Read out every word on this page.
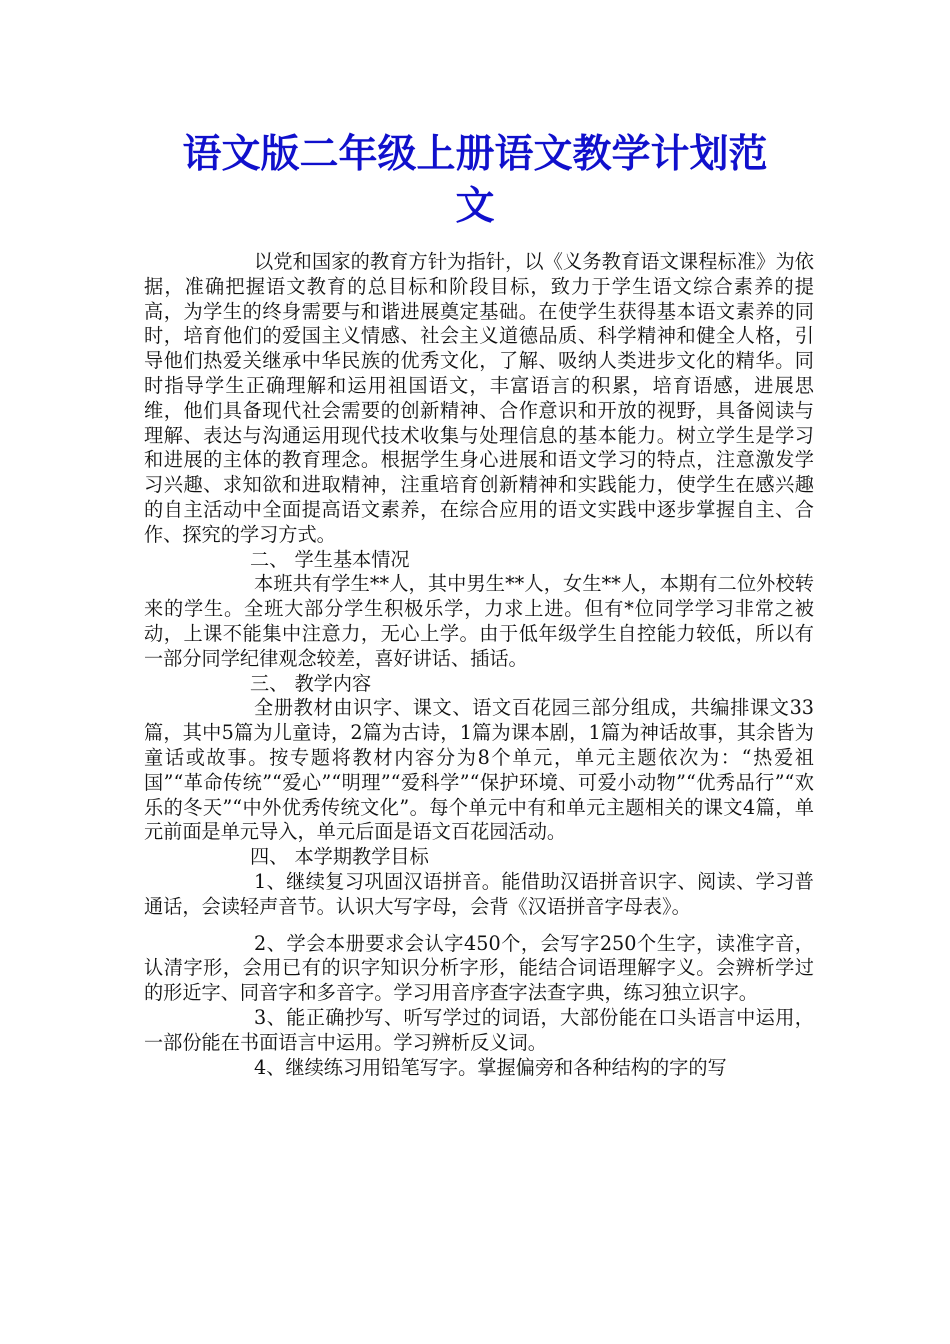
语文版二年级上册语文教学计划范
文

以党和国家的教育方针为指针，以《义务教育语文课程标准》为依据，准确把握语文教育的总目标和阶段目标，致力于学生语文综合素养的提高，为学生的终身需要与和谐进展奠定基础。在使学生获得基本语文素养的同时，培育他们的爱国主义情感、社会主义道德品质、科学精神和健全人格，引导他们热爱关继承中华民族的优秀文化，了解、吸纳人类进步文化的精华。同时指导学生正确理解和运用祖国语文，丰富语言的积累，培育语感，进展思维，他们具备现代社会需要的创新精神、合作意识和开放的视野，具备阅读与理解、表达与沟通运用现代技术收集与处理信息的基本能力。树立学生是学习和进展的主体的教育理念。根据学生身心进展和语文学习的特点，注意激发学习兴趣、求知欲和进取精神，注重培育创新精神和实践能力，使学生在感兴趣的自主活动中全面提高语文素养，在综合应用的语文实践中逐步掌握自主、合作、探究的学习方式。

二、 学生基本情况

本班共有学生**人，其中男生**人，女生**人，本期有二位外校转来的学生。全班大部分学生积极乐学，力求上进。但有*位同学学习非常之被动，上课不能集中注意力，无心上学。由于低年级学生自控能力较低，所以有一部分同学纪律观念较差，喜好讲话、插话。

三、 教学内容

全册教材由识字、课文、语文百花园三部分组成，共编排课文33篇，其中5篇为儿童诗，2篇为古诗，1篇为课本剧，1篇为神话故事，其余皆为童话或故事。按专题将教材内容分为8个单元，单元主题依次为：“热爱祖国”“革命传统”“爱心”“明理”“爱科学”“保护环境、可爱小动物”“优秀品行”“欢乐的冬天”“中外优秀传统文化”。每个单元中有和单元主题相关的课文4篇，单元前面是单元导入，单元后面是语文百花园活动。

四、 本学期教学目标

1、继续复习巩固汉语拼音。能借助汉语拼音识字、阅读、学习普通话，会读轻声音节。认识大写字母，会背《汉语拼音字母表》。

2、学会本册要求会认字450个，会写字250个生字，读准字音，认清字形，会用已有的识字知识分析字形，能结合词语理解字义。会辨析学过的形近字、同音字和多音字。学习用音序查字法查字典，练习独立识字。

3、能正确抄写、听写学过的词语，大部份能在口头语言中运用，一部份能在书面语言中运用。学习辨析反义词。

4、继续练习用铅笔写字。掌握偏旁和各种结构的字的写
